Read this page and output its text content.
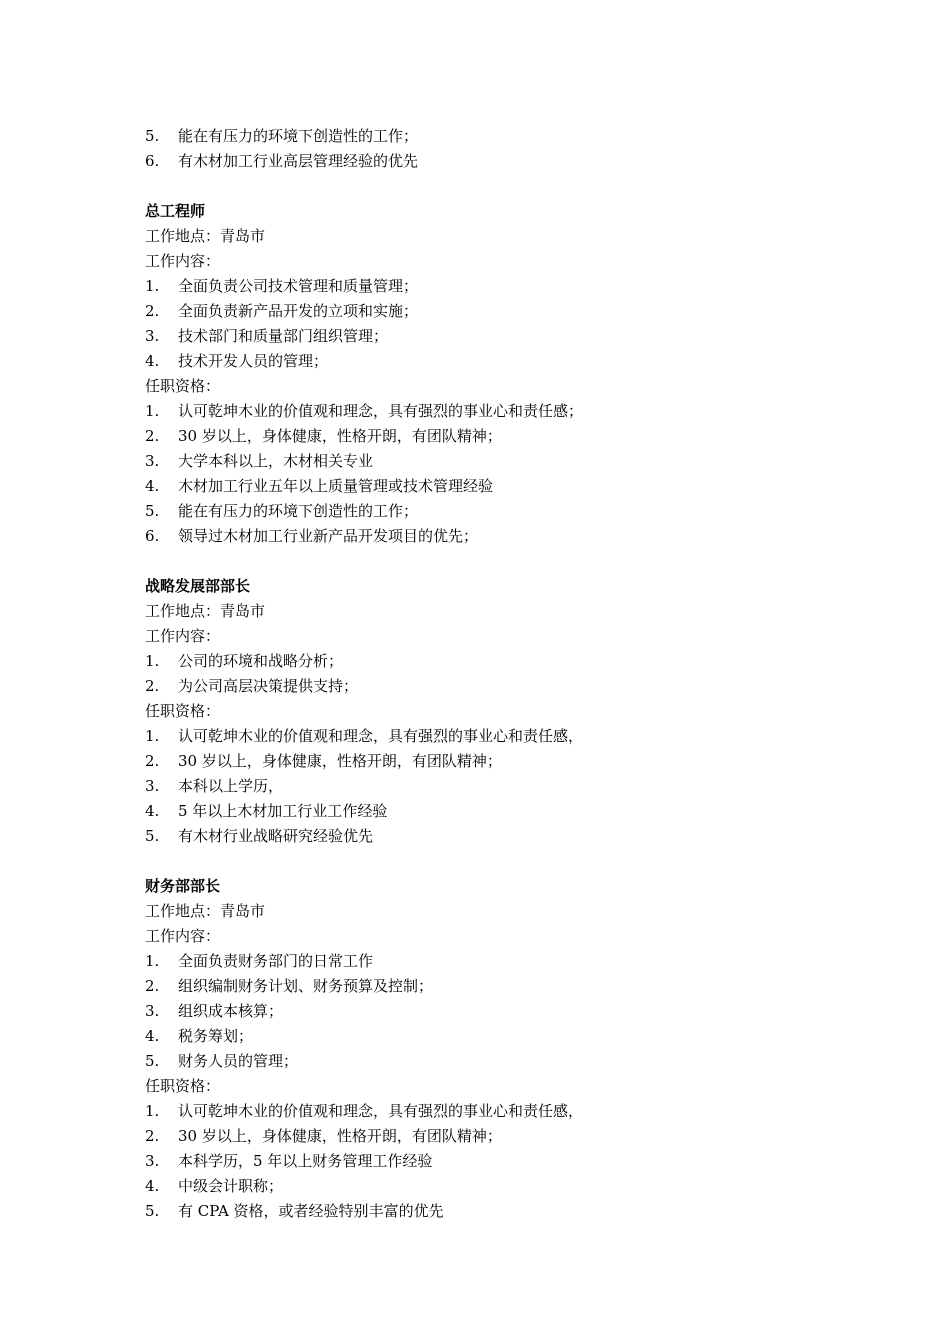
5.	能在有压力的环境下创造性的工作；
6.	有木材加工行业高层管理经验的优先
总工程师
工作地点：青岛市
工作内容：
1.	全面负责公司技术管理和质量管理；
2.	全面负责新产品开发的立项和实施；
3.	技术部门和质量部门组织管理；
4.	技术开发人员的管理；
任职资格：
1.	认可乾坤木业的价值观和理念，具有强烈的事业心和责任感；
2.	30 岁以上，身体健康，性格开朗，有团队精神；
3.	大学本科以上，木材相关专业
4.	木材加工行业五年以上质量管理或技术管理经验
5.	能在有压力的环境下创造性的工作；
6.	领导过木材加工行业新产品开发项目的优先；
战略发展部部长
工作地点：青岛市
工作内容：
1.	公司的环境和战略分析；
2.	为公司高层决策提供支持；
任职资格：
1.	认可乾坤木业的价值观和理念，具有强烈的事业心和责任感，
2.	30 岁以上，身体健康，性格开朗，有团队精神；
3.	本科以上学历，
4.	5 年以上木材加工行业工作经验
5.	有木材行业战略研究经验优先
财务部部长
工作地点：青岛市
工作内容：
1.	全面负责财务部门的日常工作
2.	组织编制财务计划、财务预算及控制；
3.	组织成本核算；
4.	税务筹划；
5.	财务人员的管理；
任职资格：
1.	认可乾坤木业的价值观和理念，具有强烈的事业心和责任感，
2.	30 岁以上，身体健康，性格开朗，有团队精神；
3.	本科学历，5 年以上财务管理工作经验
4.	中级会计职称；
5.	有 CPA 资格，或者经验特别丰富的优先
